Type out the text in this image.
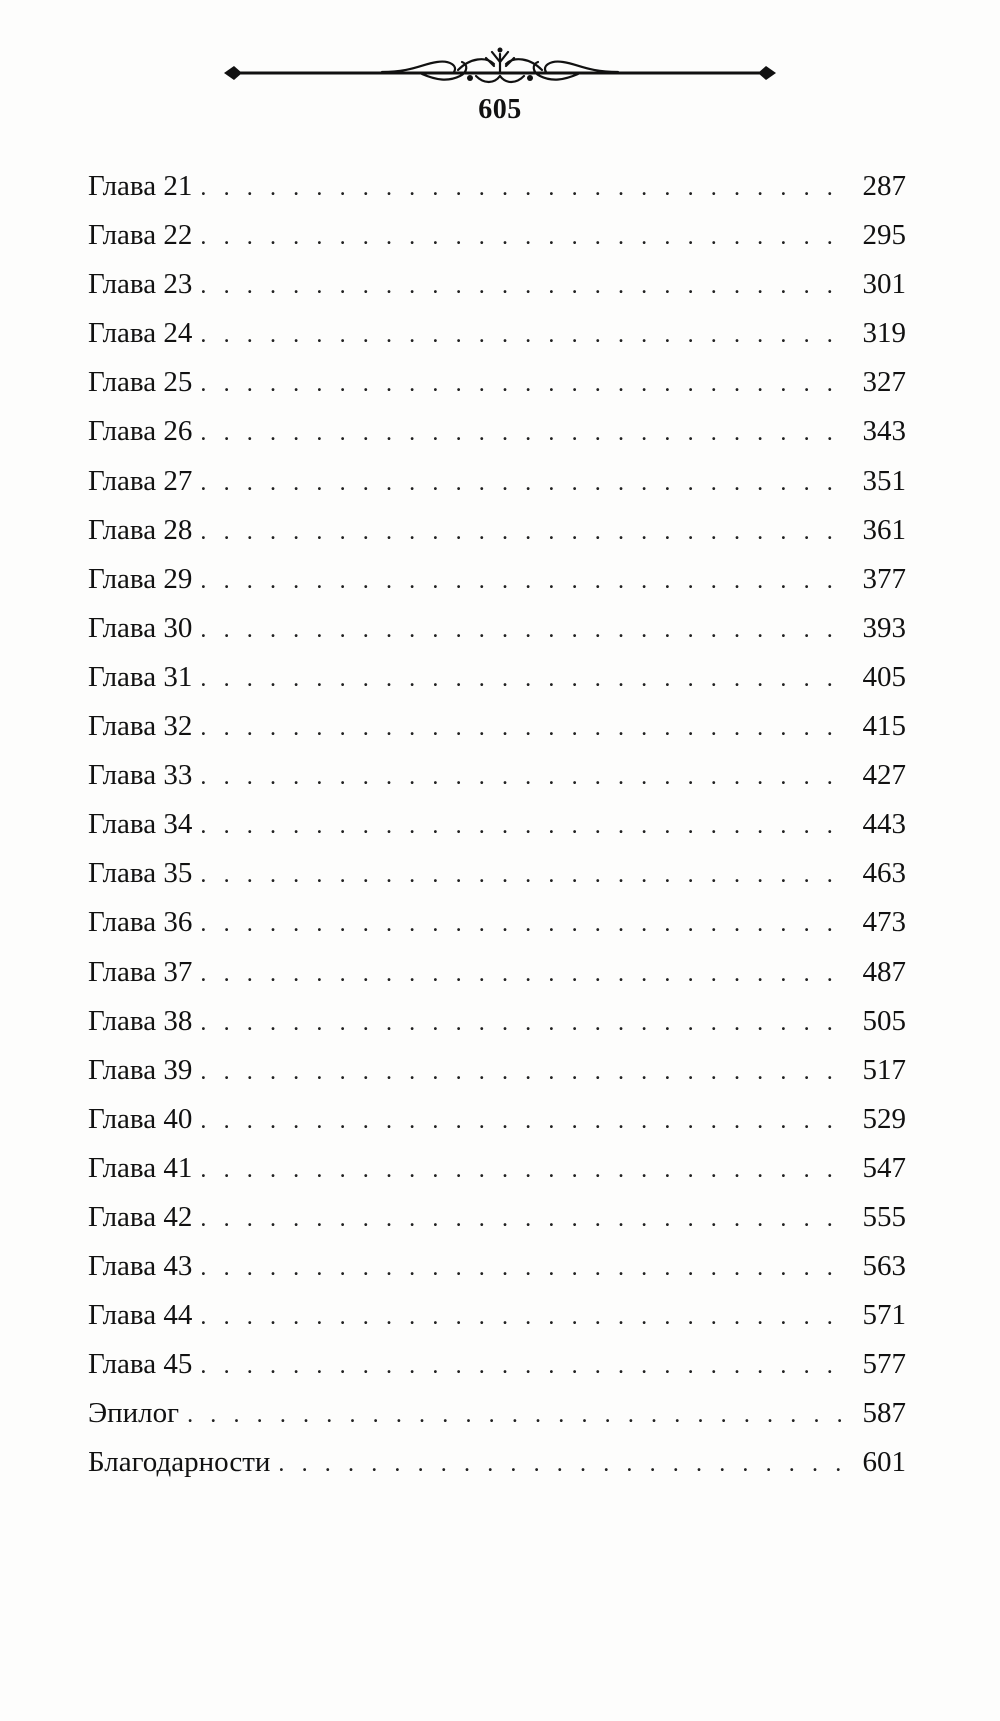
605
Глава 21 . . .	287
Глава 22 . . .	295
Глава 23 . . .	301
Глава 24 . . .	319
Глава 25 . . .	327
Глава 26 . . .	343
Глава 27 . . .	351
Глава 28 . . .	361
Глава 29 . . .	377
Глава 30 . . .	393
Глава 31 . . .	405
Глава 32 . . .	415
Глава 33 . . .	427
Глава 34 . . .	443
Глава 35 . . .	463
Глава 36 . . .	473
Глава 37 . . .	487
Глава 38 . . .	505
Глава 39 . . .	517
Глава 40 . . .	529
Глава 41 . . .	547
Глава 42 . . .	555
Глава 43 . . .	563
Глава 44 . . .	571
Глава 45 . . .	577
Эпилог . . .	587
Благодарности . . .	601
